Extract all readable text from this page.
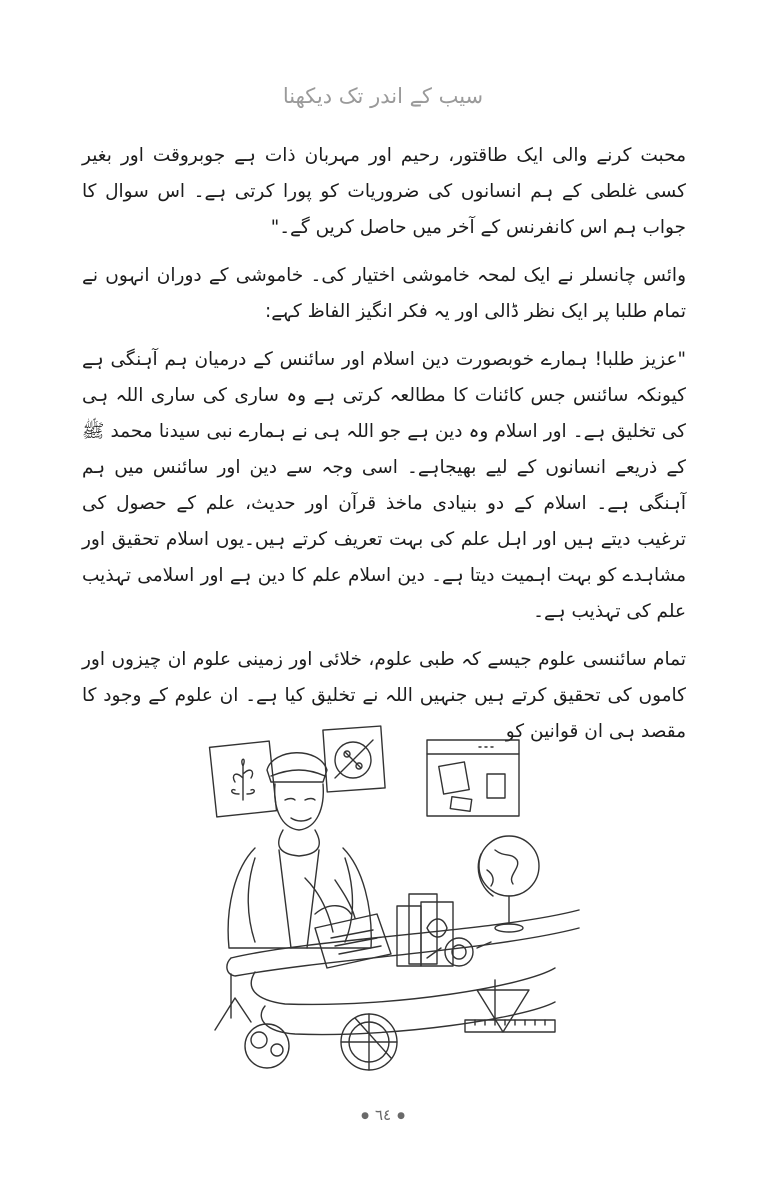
سیب کے اندر تک دیکھنا

محبت کرنے والی ایک طاقتور، رحیم اور مہربان ذات ہے جوبروقت اور بغیر کسی غلطی کے ہم انسانوں کی ضروریات کو پورا کرتی ہے۔ اس سوال کا جواب ہم اس کانفرنس کے آخر میں حاصل کریں گے۔"

وائس چانسلر نے ایک لمحہ خاموشی اختیار کی۔ خاموشی کے دوران انہوں نے تمام طلبا پر ایک نظر ڈالی اور یہ فکر انگیز الفاظ کہے:

"عزیز طلبا! ہمارے خوبصورت دین اسلام اور سائنس کے درمیان ہم آہنگی ہے کیونکہ سائنس جس کائنات کا مطالعہ کرتی ہے وہ ساری کی ساری اللہ ہی کی تخلیق ہے۔ اور اسلام وہ دین ہے جو اللہ ہی نے ہمارے نبی سیدنا محمد ﷺ کے ذریعے انسانوں کے لیے بھیجاہے۔ اسی وجہ سے دین اور سائنس میں ہم آہنگی ہے۔ اسلام کے دو بنیادی ماخذ قرآن اور حدیث، علم کے حصول کی ترغیب دیتے ہیں اور اہل علم کی بہت تعریف کرتے ہیں۔یوں اسلام تحقیق اور مشاہدے کو بہت اہمیت دیتا ہے۔ دین اسلام علم کا دین ہے اور اسلامی تہذیب علم کی تہذیب ہے۔

تمام سائنسی علوم جیسے کہ طبی علوم، خلائی اور زمینی علوم ان چیزوں اور کاموں کی تحقیق کرتے ہیں جنہیں اللہ نے تخلیق کیا ہے۔ ان علوم کے وجود کا مقصد ہی ان قوانین کو

● ٦٤ ●
